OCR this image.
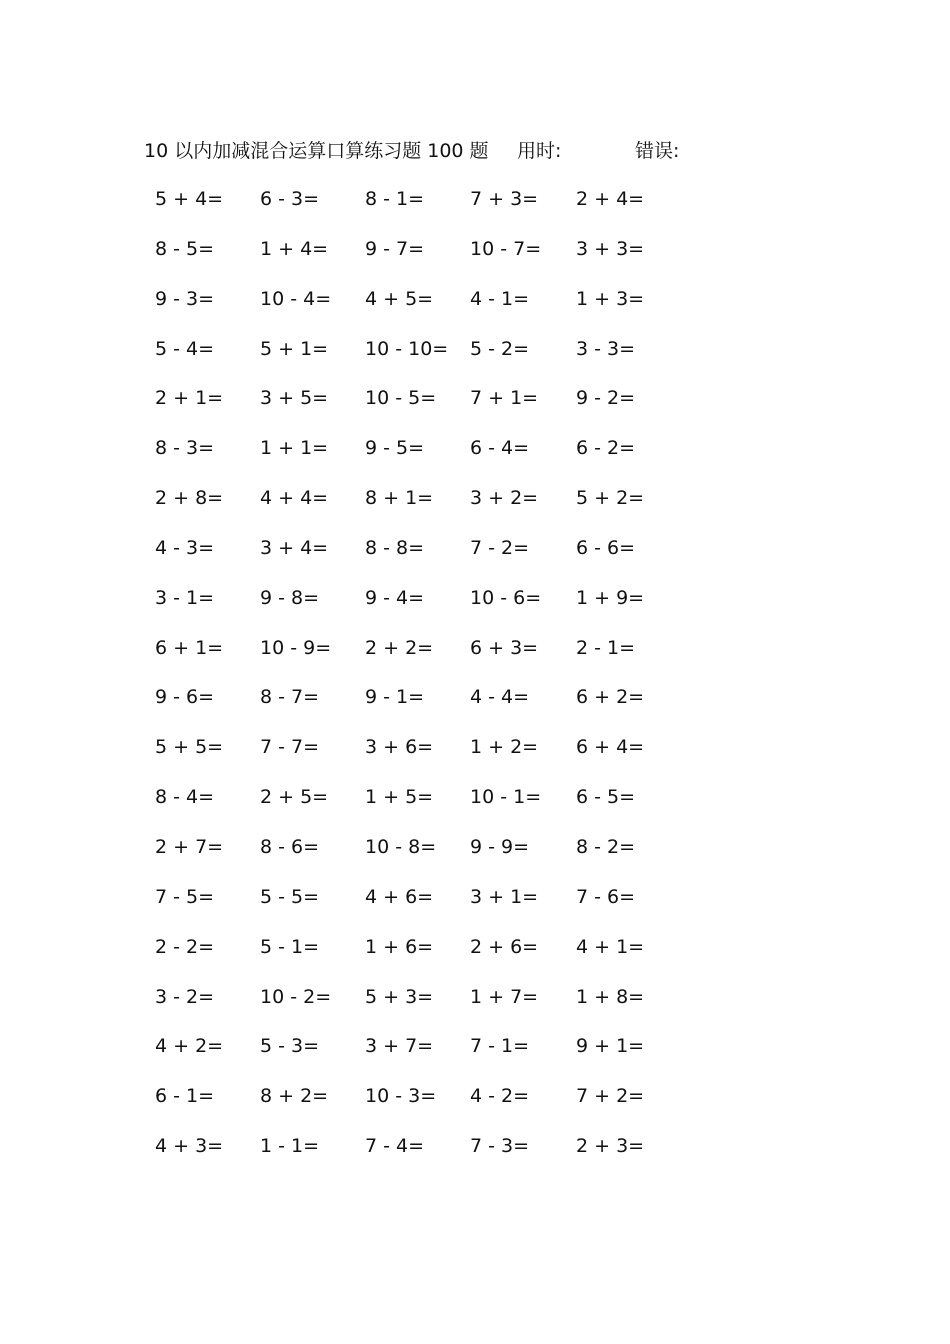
10 以内加减混合运算口算练习题 100 题 用时:	错误:
5 + 4= 6 - 3= 8 - 1= 7 + 3= 2 + 4=
8 - 5= 1 + 4= 9 - 7= 10 - 7= 3 + 3=
9 - 3= 10 - 4= 4 + 5= 4 - 1= 1 + 3=
5 - 4= 5 + 1= 10 - 10= 5 - 2= 3 - 3=
2 + 1= 3 + 5= 10 - 5= 7 + 1= 9 - 2=
8 - 3= 1 + 1= 9 - 5= 6 - 4= 6 - 2=
2 + 8= 4 + 4= 8 + 1= 3 + 2= 5 + 2=
4 - 3= 3 + 4= 8 - 8= 7 - 2= 6 - 6=
3 - 1= 9 - 8= 9 - 4= 10 - 6= 1 + 9=
6 + 1= 10 - 9= 2 + 2= 6 + 3= 2 - 1=
9 - 6= 8 - 7= 9 - 1= 4 - 4= 6 + 2=
5 + 5= 7 - 7= 3 + 6= 1 + 2= 6 + 4=
8 - 4= 2 + 5= 1 + 5= 10 - 1= 6 - 5=
2 + 7= 8 - 6= 10 - 8= 9 - 9= 8 - 2=
7 - 5= 5 - 5= 4 + 6= 3 + 1= 7 - 6=
2 - 2= 5 - 1= 1 + 6= 2 + 6= 4 + 1=
3 - 2= 10 - 2= 5 + 3= 1 + 7= 1 + 8=
4 + 2= 5 - 3= 3 + 7= 7 - 1= 9 + 1=
6 - 1= 8 + 2= 10 - 3= 4 - 2= 7 + 2=
4 + 3= 1 - 1= 7 - 4= 7 - 3= 2 + 3=
